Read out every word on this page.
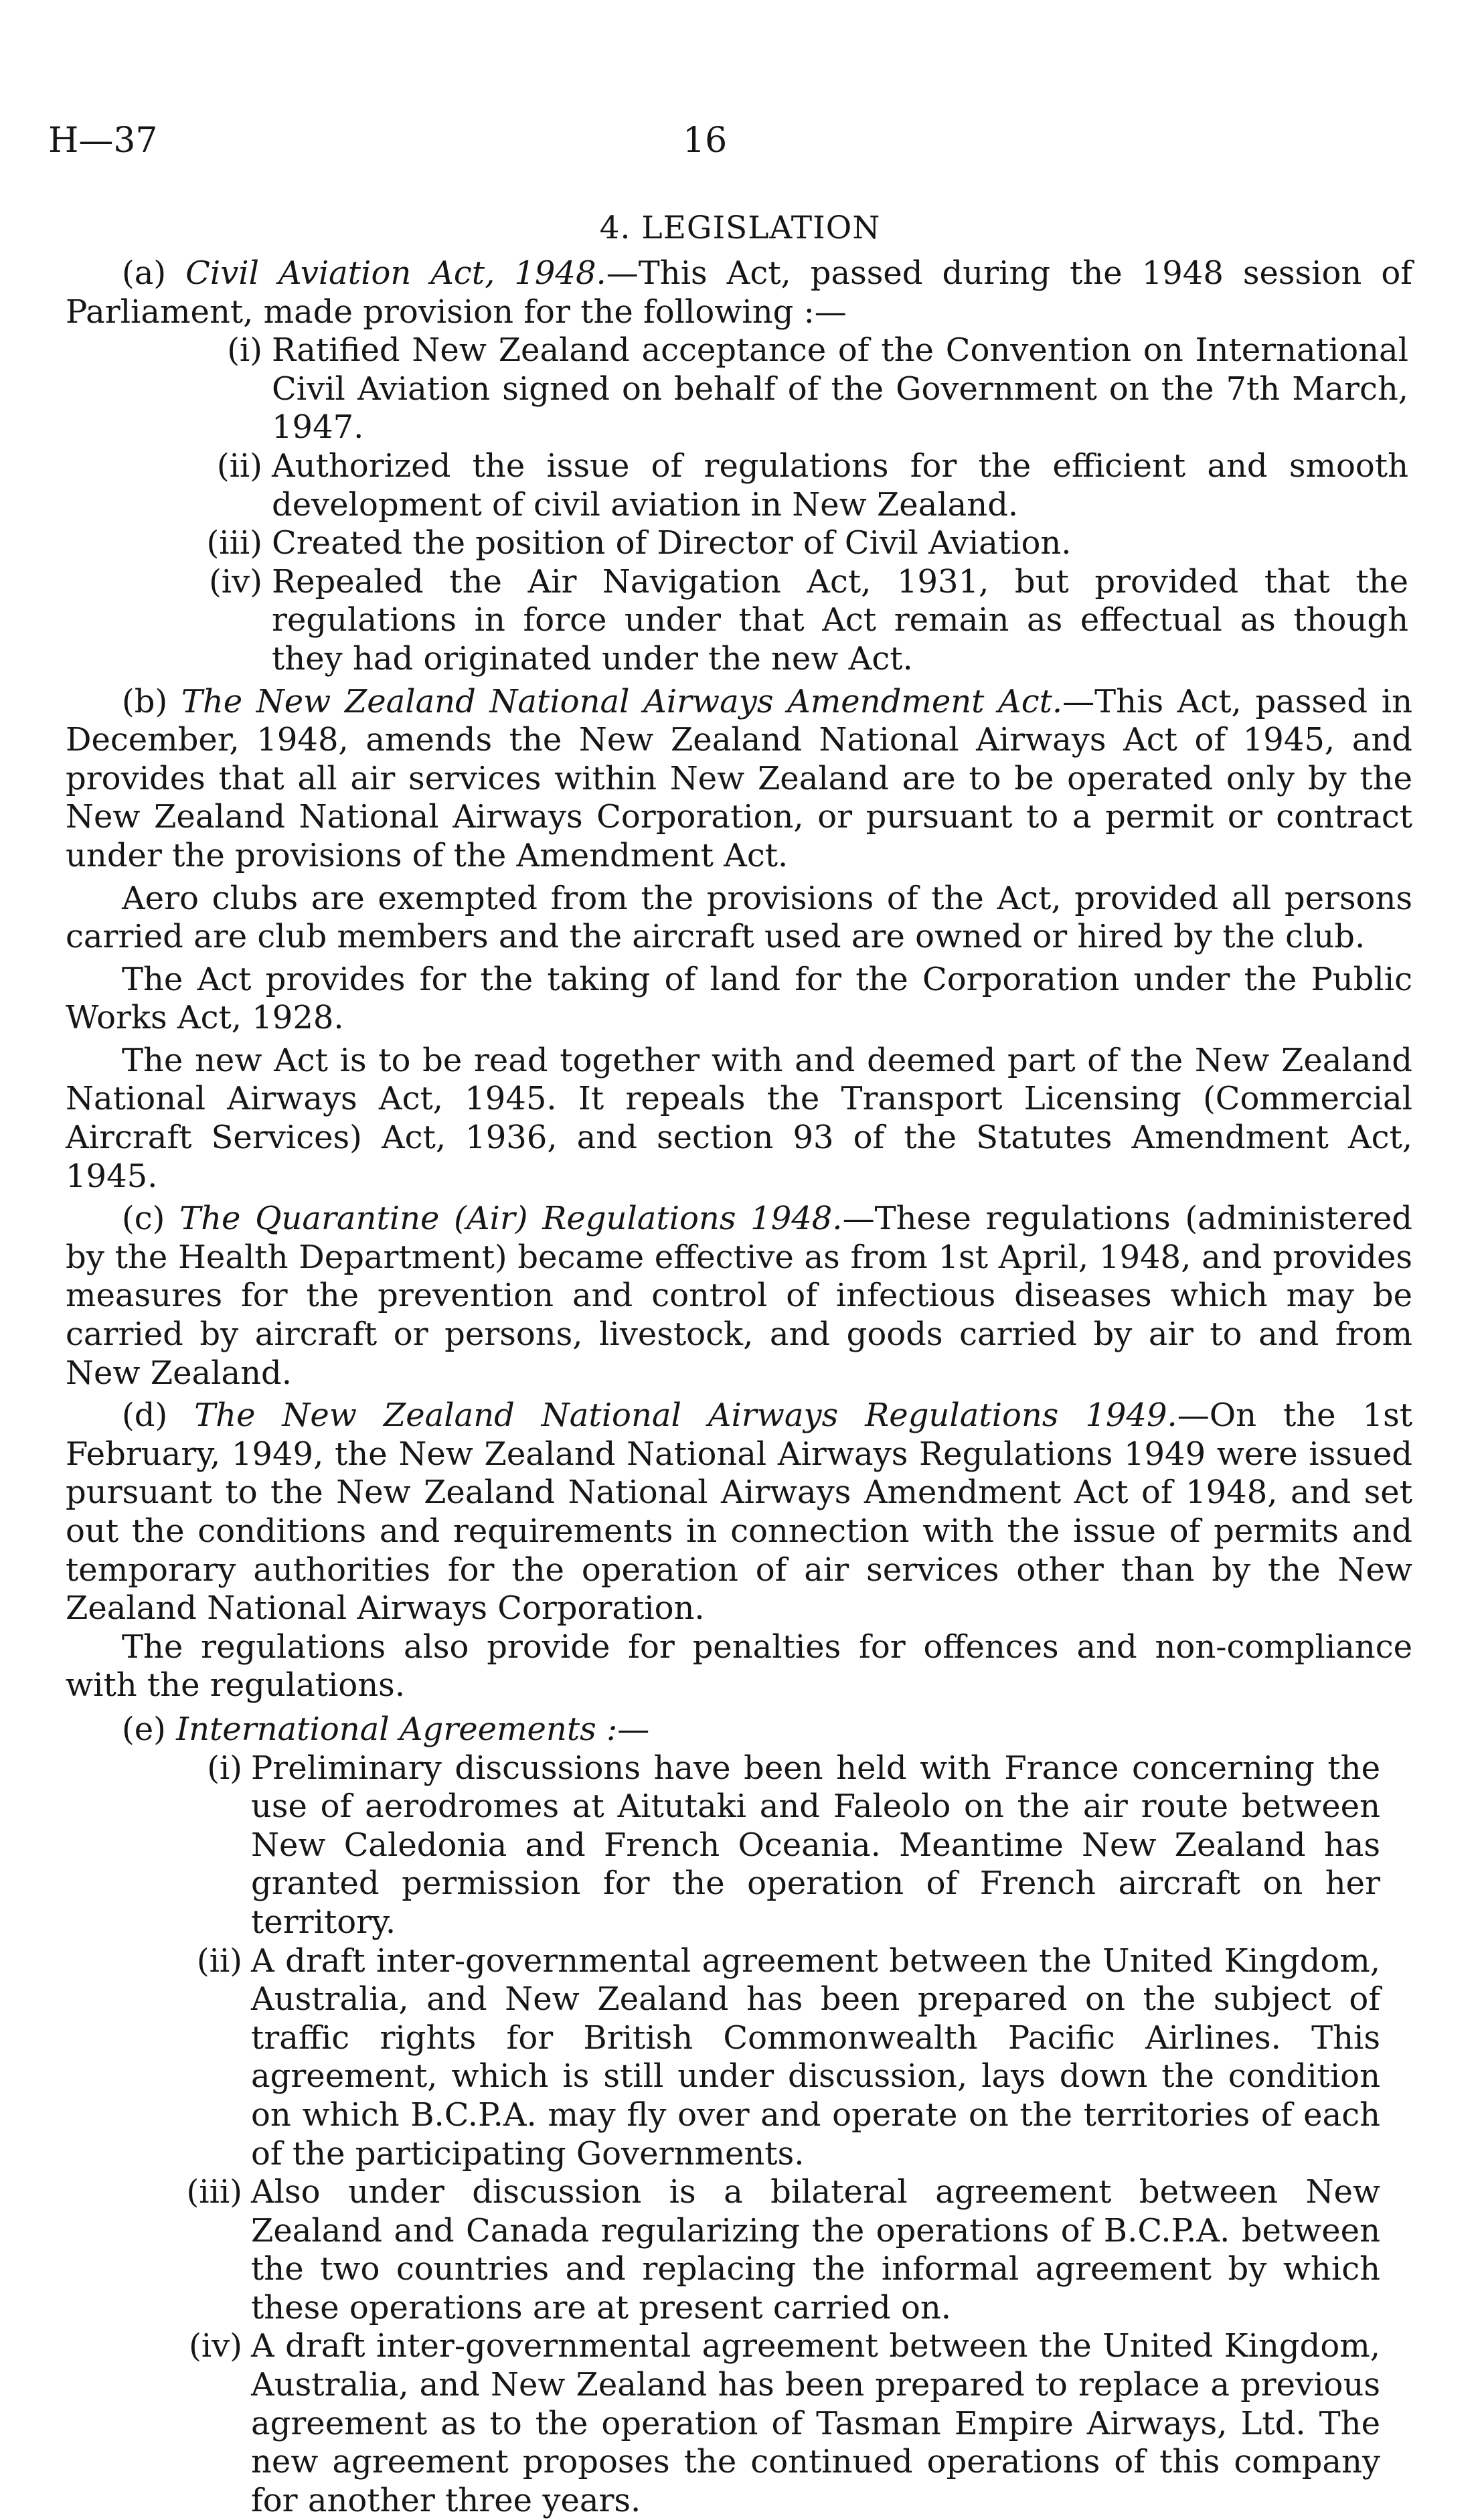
H—37	16
4. LEGISLATION

(a) Civil Aviation Act, 1948.—This Act, passed during the 1948 session of Parliament, made provision for the following :—

(i) Ratified New Zealand acceptance of the Convention on International Civil Aviation signed on behalf of the Government on the 7th March, 1947.
(ii) Authorized the issue of regulations for the efficient and smooth development of civil aviation in New Zealand.
(iii) Created the position of Director of Civil Aviation.
(iv) Repealed the Air Navigation Act, 1931, but provided that the regulations in force under that Act remain as effectual as though they had originated under the new Act.

(b) The New Zealand National Airways Amendment Act.—This Act, passed in December, 1948, amends the New Zealand National Airways Act of 1945, and provides that all air services within New Zealand are to be operated only by the New Zealand National Airways Corporation, or pursuant to a permit or contract under the provisions of the Amendment Act.

Aero clubs are exempted from the provisions of the Act, provided all persons carried are club members and the aircraft used are owned or hired by the club.

The Act provides for the taking of land for the Corporation under the Public Works Act, 1928.

The new Act is to be read together with and deemed part of the New Zealand National Airways Act, 1945. It repeals the Transport Licensing (Commercial Aircraft Services) Act, 1936, and section 93 of the Statutes Amendment Act, 1945.

(c) The Quarantine (Air) Regulations 1948.—These regulations (administered by the Health Department) became effective as from 1st April, 1948, and provides measures for the prevention and control of infectious diseases which may be carried by aircraft or persons, livestock, and goods carried by air to and from New Zealand.

(d) The New Zealand National Airways Regulations 1949.—On the 1st February, 1949, the New Zealand National Airways Regulations 1949 were issued pursuant to the New Zealand National Airways Amendment Act of 1948, and set out the conditions and requirements in connection with the issue of permits and temporary authorities for the operation of air services other than by the New Zealand National Airways Corporation.

The regulations also provide for penalties for offences and non-compliance with the regulations.

(e) International Agreements :—

(i) Preliminary discussions have been held with France concerning the use of aerodromes at Aitutaki and Faleolo on the air route between New Caledonia and French Oceania. Meantime New Zealand has granted permission for the operation of French aircraft on her territory.
(ii) A draft inter-governmental agreement between the United Kingdom, Australia, and New Zealand has been prepared on the subject of traffic rights for British Commonwealth Pacific Airlines. This agreement, which is still under discussion, lays down the condition on which B.C.P.A. may fly over and operate on the territories of each of the participating Governments.
(iii) Also under discussion is a bilateral agreement between New Zealand and Canada regularizing the operations of B.C.P.A. between the two countries and replacing the informal agreement by which these operations are at present carried on.
(iv) A draft inter-governmental agreement between the United Kingdom, Australia, and New Zealand has been prepared to replace a previous agreement as to the operation of Tasman Empire Airways, Ltd. The new agreement proposes the continued operations of this company for another three years.
